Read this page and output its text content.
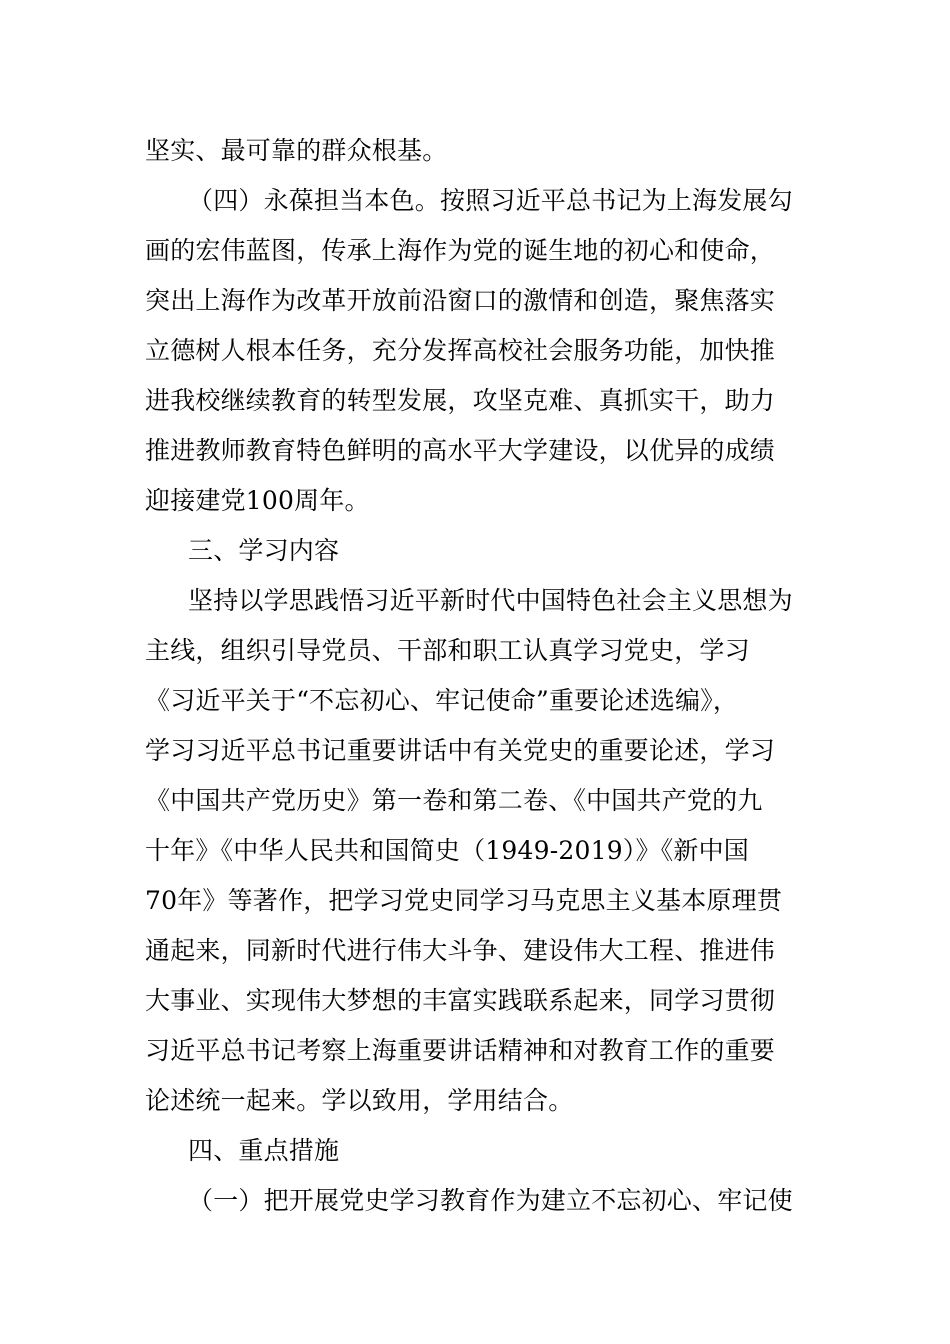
坚实、最可靠的群众根基。
（四）永葆担当本色。按照习近平总书记为上海发展勾
画的宏伟蓝图，传承上海作为党的诞生地的初心和使命，
突出上海作为改革开放前沿窗口的激情和创造，聚焦落实
立德树人根本任务，充分发挥高校社会服务功能，加快推
进我校继续教育的转型发展，攻坚克难、真抓实干，助力
推进教师教育特色鲜明的高水平大学建设，以优异的成绩
迎接建党100周年。
三、学习内容
坚持以学思践悟习近平新时代中国特色社会主义思想为
主线，组织引导党员、干部和职工认真学习党史，学习
《习近平关于“不忘初心、牢记使命”重要论述选编》，
学习习近平总书记重要讲话中有关党史的重要论述，学习
《中国共产党历史》第一卷和第二卷、《中国共产党的九
十年》《中华人民共和国简史（1949-2019）》《新中国
70年》等著作，把学习党史同学习马克思主义基本原理贯
通起来，同新时代进行伟大斗争、建设伟大工程、推进伟
大事业、实现伟大梦想的丰富实践联系起来，同学习贯彻
习近平总书记考察上海重要讲话精神和对教育工作的重要
论述统一起来。学以致用，学用结合。
四、重点措施
（一）把开展党史学习教育作为建立不忘初心、牢记使
